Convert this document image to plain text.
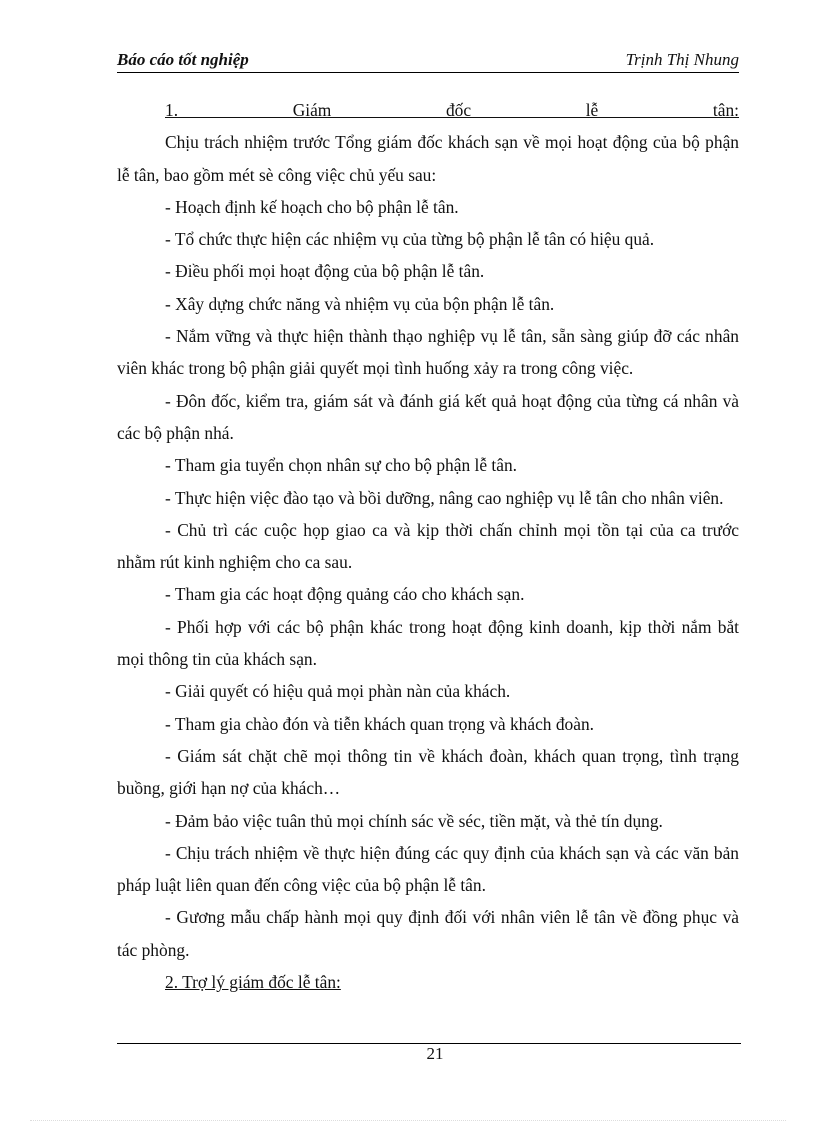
Báo cáo tốt nghiệp	Trịnh Thị Nhung

1. Giám đốc lễ tân:

Chịu trách nhiệm trước Tổng giám đốc khách sạn về mọi hoạt động của bộ phận lễ tân, bao gồm mét sè công việc chủ yếu sau:

- Hoạch định kế hoạch cho bộ phận lễ tân.

- Tổ chức thực hiện các nhiệm vụ của từng bộ phận lễ tân có hiệu quả.

- Điều phối mọi hoạt động của bộ phận lễ tân.

- Xây dựng chức năng và nhiệm vụ của bộn phận lễ tân.

- Nắm vững và thực hiện thành thạo nghiệp vụ lễ tân, sẵn sàng giúp đỡ các nhân viên khác trong bộ phận giải quyết mọi tình huống xảy ra trong công việc.

- Đôn đốc, kiểm tra, giám sát và đánh giá kết quả hoạt động của từng cá nhân và các bộ phận nhá.

- Tham gia tuyển chọn nhân sự cho bộ phận lễ tân.

- Thực hiện việc đào tạo và bồi dưỡng, nâng cao nghiệp vụ lễ tân cho nhân viên.

- Chủ trì các cuộc họp giao ca và kịp thời chấn chỉnh mọi tồn tại của ca trước nhằm rút kinh nghiệm cho ca sau.

- Tham gia các hoạt động quảng cáo cho khách sạn.

- Phối hợp với các bộ phận khác trong hoạt động kinh doanh, kịp thời nắm bắt mọi thông tin của khách sạn.

- Giải quyết có hiệu quả mọi phàn nàn của khách.

- Tham gia chào đón và tiễn khách quan trọng và khách đoàn.

- Giám sát chặt chẽ mọi thông tin về khách đoàn, khách quan trọng, tình trạng buồng, giới hạn nợ của khách…

- Đảm bảo việc tuân thủ mọi chính sác về séc, tiền mặt, và thẻ tín dụng.

- Chịu trách nhiệm về thực hiện đúng các quy định của khách sạn và các văn bản pháp luật liên quan đến công việc của bộ phận lễ tân.

- Gương mẫu chấp hành mọi quy định đối với nhân viên lễ tân về đồng phục và tác phòng.

2. Trợ lý giám đốc lễ tân:

21
